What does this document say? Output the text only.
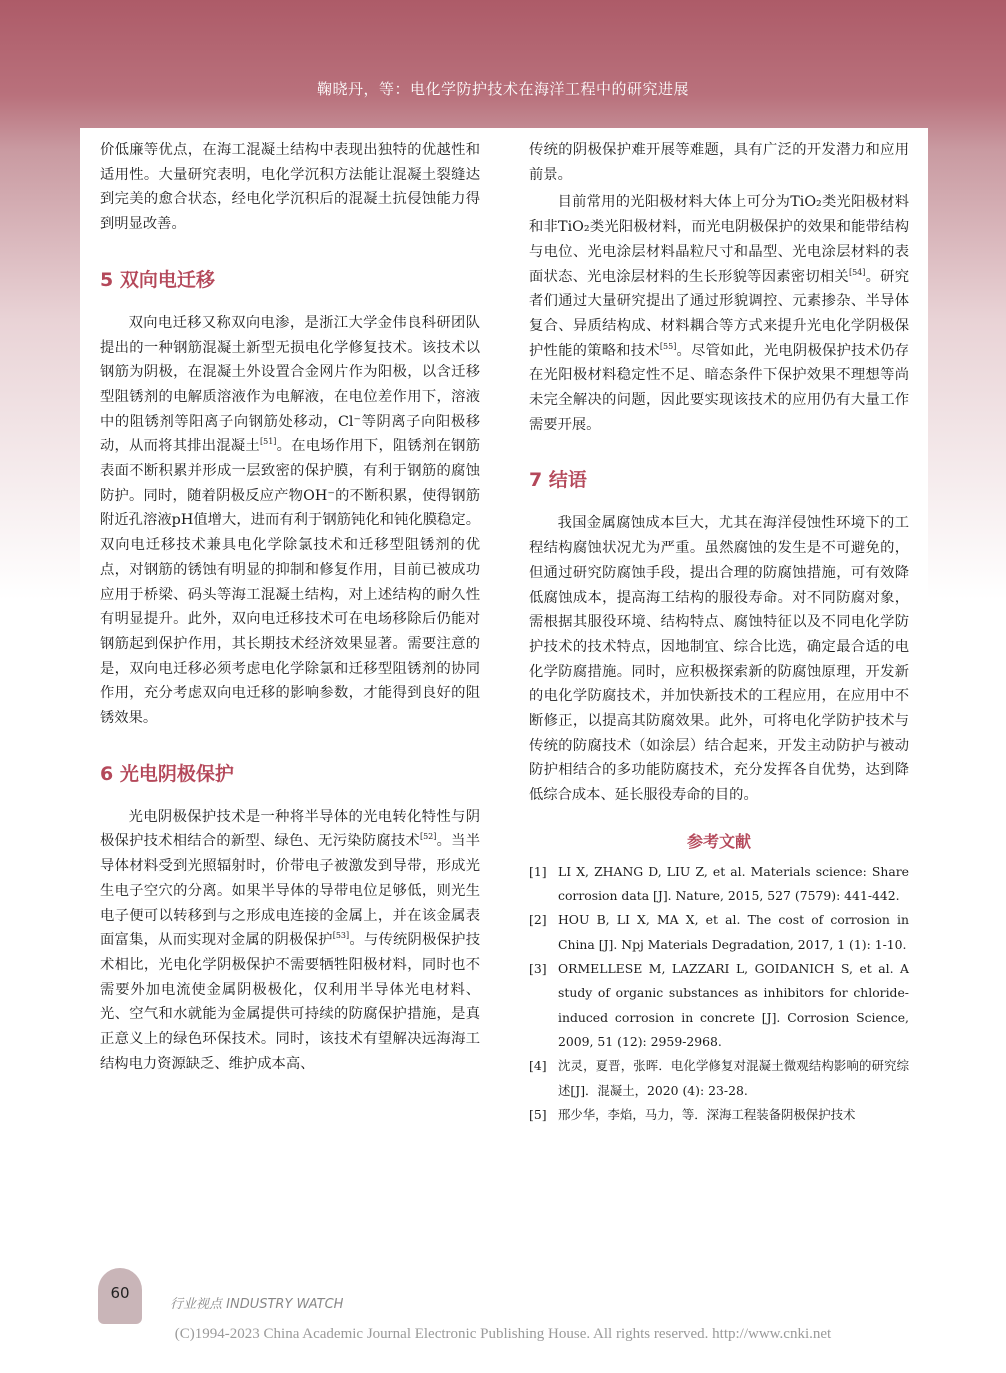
鞠晓丹，等：电化学防护技术在海洋工程中的研究进展

价低廉等优点，在海工混凝土结构中表现出独特的优越性和适用性。大量研究表明，电化学沉积方法能让混凝土裂缝达到完美的愈合状态，经电化学沉积后的混凝土抗侵蚀能力得到明显改善。

5 双向电迁移

双向电迁移又称双向电渗，是浙江大学金伟良科研团队提出的一种钢筋混凝土新型无损电化学修复技术。该技术以钢筋为阴极，在混凝土外设置合金网片作为阳极，以含迁移型阻锈剂的电解质溶液作为电解液，在电位差作用下，溶液中的阻锈剂等阳离子向钢筋处移动，Cl⁻等阴离子向阳极移动，从而将其排出混凝土[51]。在电场作用下，阻锈剂在钢筋表面不断积累并形成一层致密的保护膜，有利于钢筋的腐蚀防护。同时，随着阴极反应产物OH⁻的不断积累，使得钢筋附近孔溶液pH值增大，进而有利于钢筋钝化和钝化膜稳定。双向电迁移技术兼具电化学除氯技术和迁移型阻锈剂的优点，对钢筋的锈蚀有明显的抑制和修复作用，目前已被成功应用于桥梁、码头等海工混凝土结构，对上述结构的耐久性有明显提升。此外，双向电迁移技术可在电场移除后仍能对钢筋起到保护作用，其长期技术经济效果显著。需要注意的是，双向电迁移必须考虑电化学除氯和迁移型阻锈剂的协同作用，充分考虑双向电迁移的影响参数，才能得到良好的阻锈效果。

6 光电阴极保护

光电阴极保护技术是一种将半导体的光电转化特性与阴极保护技术相结合的新型、绿色、无污染防腐技术[52]。当半导体材料受到光照辐射时，价带电子被激发到导带，形成光生电子空穴的分离。如果半导体的导带电位足够低，则光生电子便可以转移到与之形成电连接的金属上，并在该金属表面富集，从而实现对金属的阴极保护[53]。与传统阴极保护技术相比，光电化学阴极保护不需要牺牲阳极材料，同时也不需要外加电流使金属阴极极化，仅利用半导体光电材料、光、空气和水就能为金属提供可持续的防腐保护措施，是真正意义上的绿色环保技术。同时，该技术有望解决远海海工结构电力资源缺乏、维护成本高、

传统的阴极保护难开展等难题，具有广泛的开发潜力和应用前景。

目前常用的光阳极材料大体上可分为TiO₂类光阳极材料和非TiO₂类光阳极材料，而光电阴极保护的效果和能带结构与电位、光电涂层材料晶粒尺寸和晶型、光电涂层材料的表面状态、光电涂层材料的生长形貌等因素密切相关[54]。研究者们通过大量研究提出了通过形貌调控、元素掺杂、半导体复合、异质结构成、材料耦合等方式来提升光电化学阴极保护性能的策略和技术[55]。尽管如此，光电阴极保护技术仍存在光阳极材料稳定性不足、暗态条件下保护效果不理想等尚未完全解决的问题，因此要实现该技术的应用仍有大量工作需要开展。

7 结语

我国金属腐蚀成本巨大，尤其在海洋侵蚀性环境下的工程结构腐蚀状况尤为严重。虽然腐蚀的发生是不可避免的，但通过研究防腐蚀手段，提出合理的防腐蚀措施，可有效降低腐蚀成本，提高海工结构的服役寿命。对不同防腐对象，需根据其服役环境、结构特点、腐蚀特征以及不同电化学防护技术的技术特点，因地制宜、综合比选，确定最合适的电化学防腐措施。同时，应积极探索新的防腐蚀原理，开发新的电化学防腐技术，并加快新技术的工程应用，在应用中不断修正，以提高其防腐效果。此外，可将电化学防护技术与传统的防腐技术（如涂层）结合起来，开发主动防护与被动防护相结合的多功能防腐技术，充分发挥各自优势，达到降低综合成本、延长服役寿命的目的。

参考文献
[1] LI X, ZHANG D, LIU Z, et al. Materials science: Share corrosion data [J]. Nature, 2015, 527 (7579): 441-442.
[2] HOU B, LI X, MA X, et al. The cost of corrosion in China [J]. Npj Materials Degradation, 2017, 1 (1): 1-10.
[3] ORMELLESE M, LAZZARI L, GOIDANICH S, et al. A study of organic substances as inhibitors for chloride-induced corrosion in concrete [J]. Corrosion Science, 2009, 51 (12): 2959-2968.
[4] 沈灵，夏晋，张晖．电化学修复对混凝土微观结构影响的研究综述[J]．混凝土，2020 (4): 23-28.
[5] 邢少华，李焰，马力，等．深海工程装备阴极保护技术
60
行业视点 INDUSTRY WATCH
(C)1994-2023 China Academic Journal Electronic Publishing House. All rights reserved. http://www.cnki.net
